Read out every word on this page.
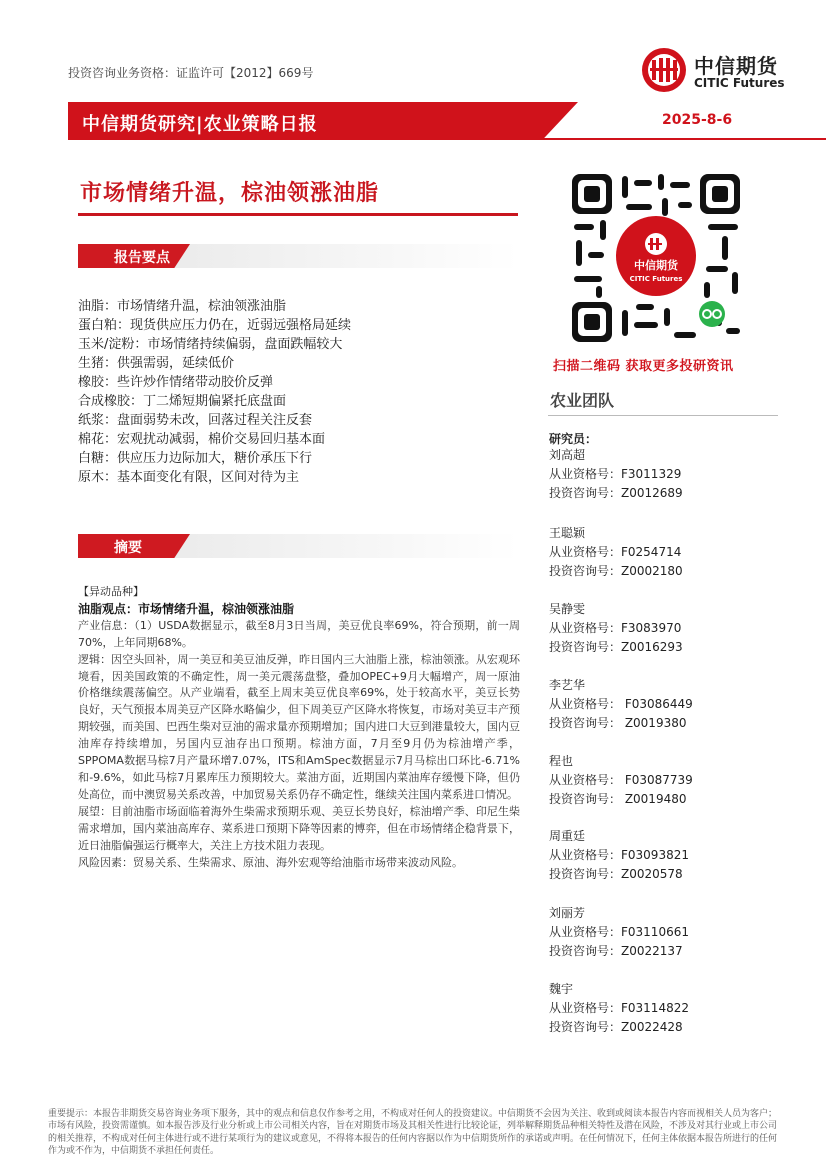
投资咨询业务资格：证监许可【2012】669号	中信期货
CITIC Futures
中信期货研究|农业策略日报	2025-8-6
市场情绪升温，棕油领涨油脂
报告要点
油脂：市场情绪升温，棕油领涨油脂
蛋白粕：现货供应压力仍在，近弱远强格局延续
玉米/淀粉：市场情绪持续偏弱，盘面跌幅较大
生猪：供强需弱，延续低价
橡胶：些许炒作情绪带动胶价反弹
合成橡胶：丁二烯短期偏紧托底盘面
纸浆：盘面弱势未改，回落过程关注反套
棉花：宏观扰动减弱，棉价交易回归基本面
白糖：供应压力边际加大，糖价承压下行
原木：基本面变化有限，区间对待为主
摘要
【异动品种】
油脂观点：市场情绪升温，棕油领涨油脂

产业信息：（1）USDA数据显示，截至8月3日当周，美豆优良率69%，符合预期，前一周70%，上年同期68%。

逻辑：因空头回补，周一美豆和美豆油反弹，昨日国内三大油脂上涨，棕油领涨。从宏观环境看，因美国政策的不确定性，周一美元震荡盘整，叠加OPEC+9月大幅增产，周一原油价格继续震荡偏空。从产业端看，截至上周末美豆优良率69%，处于较高水平，美豆长势良好，天气预报本周美豆产区降水略偏少，但下周美豆产区降水将恢复，市场对美豆丰产预期较强，而美国、巴西生柴对豆油的需求量亦预期增加；国内进口大豆到港量较大，国内豆油库存持续增加，另国内豆油存出口预期。棕油方面，7月至9月仍为棕油增产季，SPPOMA数据马棕7月产量环增7.07%，ITS和AmSpec数据显示7月马棕出口环比-6.71%和-9.6%，如此马棕7月累库压力预期较大。菜油方面，近期国内菜油库存缓慢下降，但仍处高位，而中澳贸易关系改善，中加贸易关系仍存不确定性，继续关注国内菜系进口情况。

展望：目前油脂市场面临着海外生柴需求预期乐观、美豆长势良好，棕油增产季、印尼生柴需求增加，国内菜油高库存、菜系进口预期下降等因素的博弈，但在市场情绪企稳背景下，近日油脂偏强运行概率大，关注上方技术阻力表现。

风险因素：贸易关系、生柴需求、原油、海外宏观等给油脂市场带来波动风险。

中信期货
CITIC Futures
扫描二维码 获取更多投研资讯
农业团队
研究员：
刘高超
从业资格号：F3011329
投资咨询号：Z0012689
王聪颖
从业资格号：F0254714
投资咨询号：Z0002180
吴静雯
从业资格号：F3083970
投资咨询号：Z0016293
李艺华
从业资格号： F03086449
投资咨询号： Z0019380
程也
从业资格号： F03087739
投资咨询号： Z0019480
周重廷
从业资格号：F03093821
投资咨询号：Z0020578
刘丽芳
从业资格号：F03110661
投资咨询号：Z0022137
魏宇
从业资格号：F03114822
投资咨询号：Z0022428
重要提示：本报告非期货交易咨询业务项下服务，其中的观点和信息仅作参考之用，不构成对任何人的投资建议。中信期货不会因为关注、收到或阅读本报告内容而视相关人员为客户；市场有风险，投资需谨慎。如本报告涉及行业分析或上市公司相关内容，旨在对期货市场及其相关性进行比较论证，列举解释期货品种相关特性及潜在风险，不涉及对其行业或上市公司的相关推荐，不构成对任何主体进行或不进行某项行为的建议或意见，不得将本报告的任何内容据以作为中信期货所作的承诺或声明。在任何情况下，任何主体依据本报告所进行的任何作为或不作为，中信期货不承担任何责任。
